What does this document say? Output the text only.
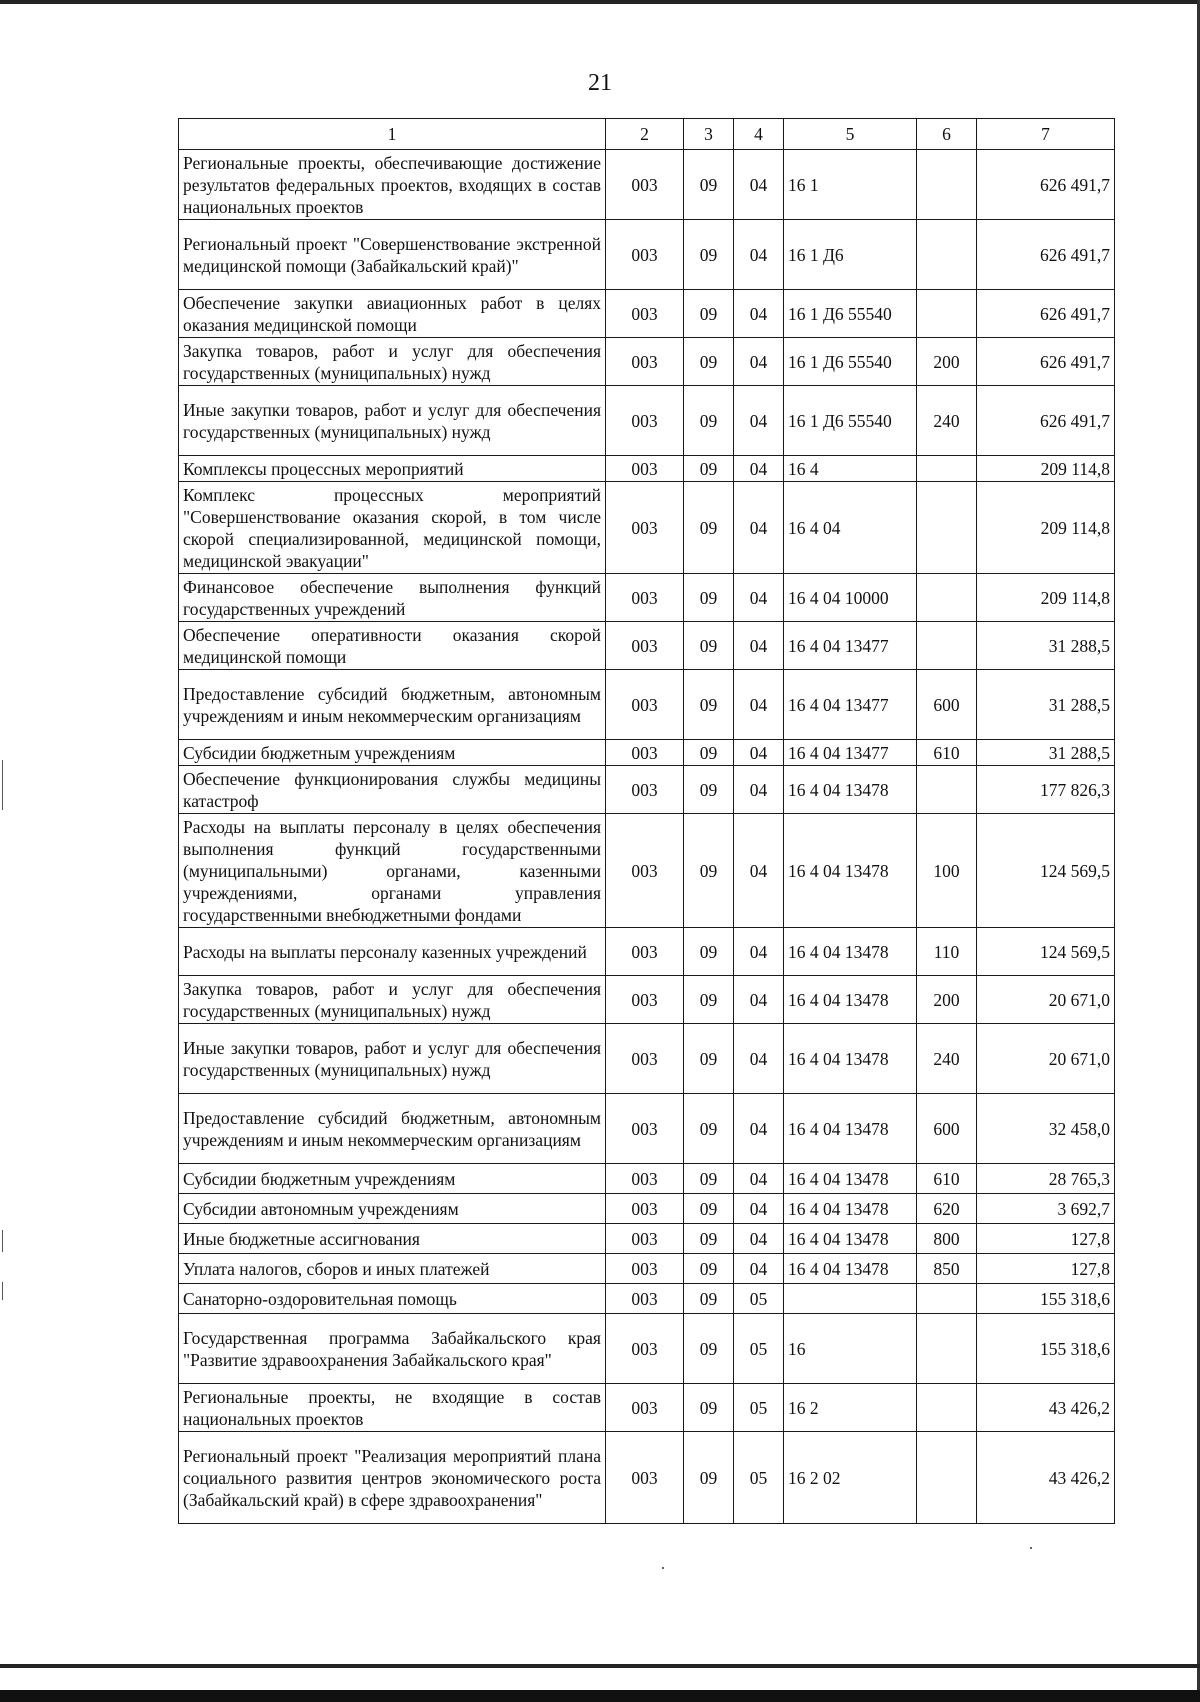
21
1	2	3	4	5	6	7
Региональные проекты, обеспечивающие достижение результатов федеральных проектов, входящих в состав национальных проектов	003	09	04	16 1		626 491,7
Региональный проект "Совершенствование экстренной медицинской помощи (Забайкальский край)"	003	09	04	16 1 Д6		626 491,7
Обеспечение закупки авиационных работ в целях оказания медицинской помощи	003	09	04	16 1 Д6 55540		626 491,7
Закупка товаров, работ и услуг для обеспечения государственных (муниципальных) нужд	003	09	04	16 1 Д6 55540	200	626 491,7
Иные закупки товаров, работ и услуг для обеспечения государственных (муниципальных) нужд	003	09	04	16 1 Д6 55540	240	626 491,7
Комплексы процессных мероприятий	003	09	04	16 4		209 114,8
Комплекс процессных мероприятий "Совершенствование оказания скорой, в том числе скорой специализированной, медицинской помощи, медицинской эвакуации"	003	09	04	16 4 04		209 114,8
Финансовое обеспечение выполнения функций государственных учреждений	003	09	04	16 4 04 10000		209 114,8
Обеспечение оперативности оказания скорой медицинской помощи	003	09	04	16 4 04 13477		31 288,5
Предоставление субсидий бюджетным, автономным учреждениям и иным некоммерческим организациям	003	09	04	16 4 04 13477	600	31 288,5
Субсидии бюджетным учреждениям	003	09	04	16 4 04 13477	610	31 288,5
Обеспечение функционирования службы медицины катастроф	003	09	04	16 4 04 13478		177 826,3
Расходы на выплаты персоналу в целях обеспечения выполнения функций государственными (муниципальными) органами, казенными учреждениями, органами управления государственными внебюджетными фондами	003	09	04	16 4 04 13478	100	124 569,5
Расходы на выплаты персоналу казенных учреждений	003	09	04	16 4 04 13478	110	124 569,5
Закупка товаров, работ и услуг для обеспечения государственных (муниципальных) нужд	003	09	04	16 4 04 13478	200	20 671,0
Иные закупки товаров, работ и услуг для обеспечения государственных (муниципальных) нужд	003	09	04	16 4 04 13478	240	20 671,0
Предоставление субсидий бюджетным, автономным учреждениям и иным некоммерческим организациям	003	09	04	16 4 04 13478	600	32 458,0
Субсидии бюджетным учреждениям	003	09	04	16 4 04 13478	610	28 765,3
Субсидии автономным учреждениям	003	09	04	16 4 04 13478	620	3 692,7
Иные бюджетные ассигнования	003	09	04	16 4 04 13478	800	127,8
Уплата налогов, сборов и иных платежей	003	09	04	16 4 04 13478	850	127,8
Санаторно-оздоровительная помощь	003	09	05			155 318,6
Государственная программа Забайкальского края "Развитие здравоохранения Забайкальского края"	003	09	05	16		155 318,6
Региональные проекты, не входящие в состав национальных проектов	003	09	05	16 2		43 426,2
Региональный проект "Реализация мероприятий плана социального развития центров экономического роста (Забайкальский край) в сфере здравоохранения"	003	09	05	16 2 02		43 426,2
